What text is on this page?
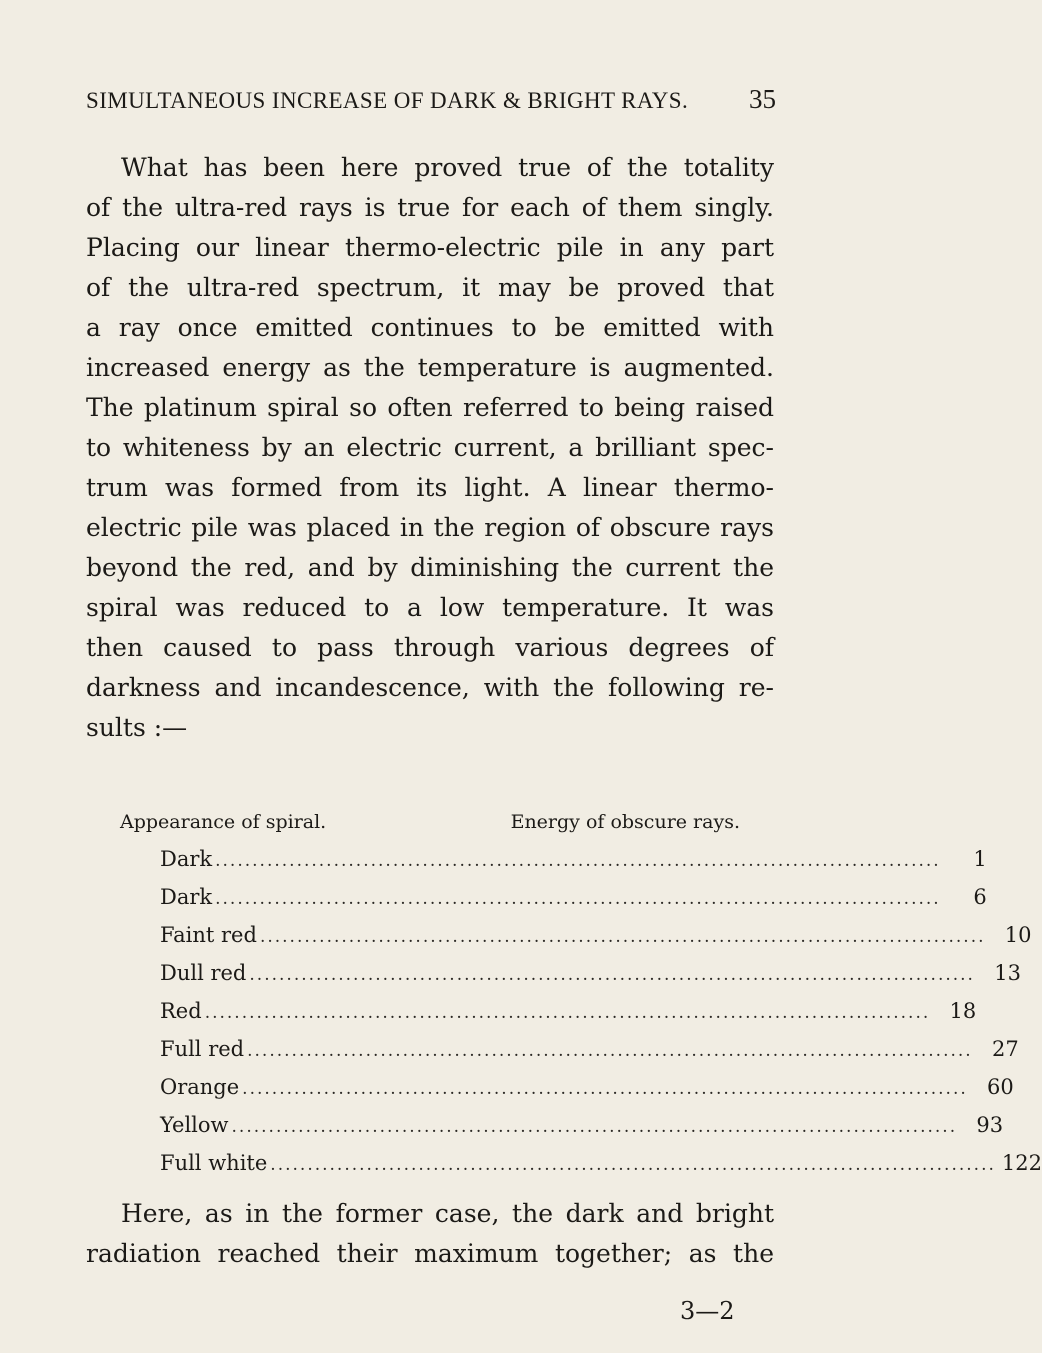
SIMULTANEOUS INCREASE OF DARK & BRIGHT RAYS. 35
What has been here proved true of the totality
of the ultra-red rays is true for each of them singly.
Placing our linear thermo-electric pile in any part
of the ultra-red spectrum, it may be proved that
a ray once emitted continues to be emitted with
increased energy as the temperature is augmented.
The platinum spiral so often referred to being raised
to whiteness by an electric current, a brilliant spec-
trum was formed from its light. A linear thermo-
electric pile was placed in the region of obscure rays
beyond the red, and by diminishing the current the
spiral was reduced to a low temperature. It was
then caused to pass through various degrees of
darkness and incandescence, with the following re-
sults :—
Appearance of spiral.	Energy of obscure rays.
Dark ..................................................................................................	1
Dark ..................................................................................................	6
Faint red .................................................................................................. 10
Dull red .................................................................................................. 13
Red .................................................................................................. 18
Full red .................................................................................................. 27
Orange .................................................................................................. 60
Yellow .................................................................................................. 93
Full white .................................................................................................. 122
Here, as in the former case, the dark and bright
radiation reached their maximum together; as the
3—2
